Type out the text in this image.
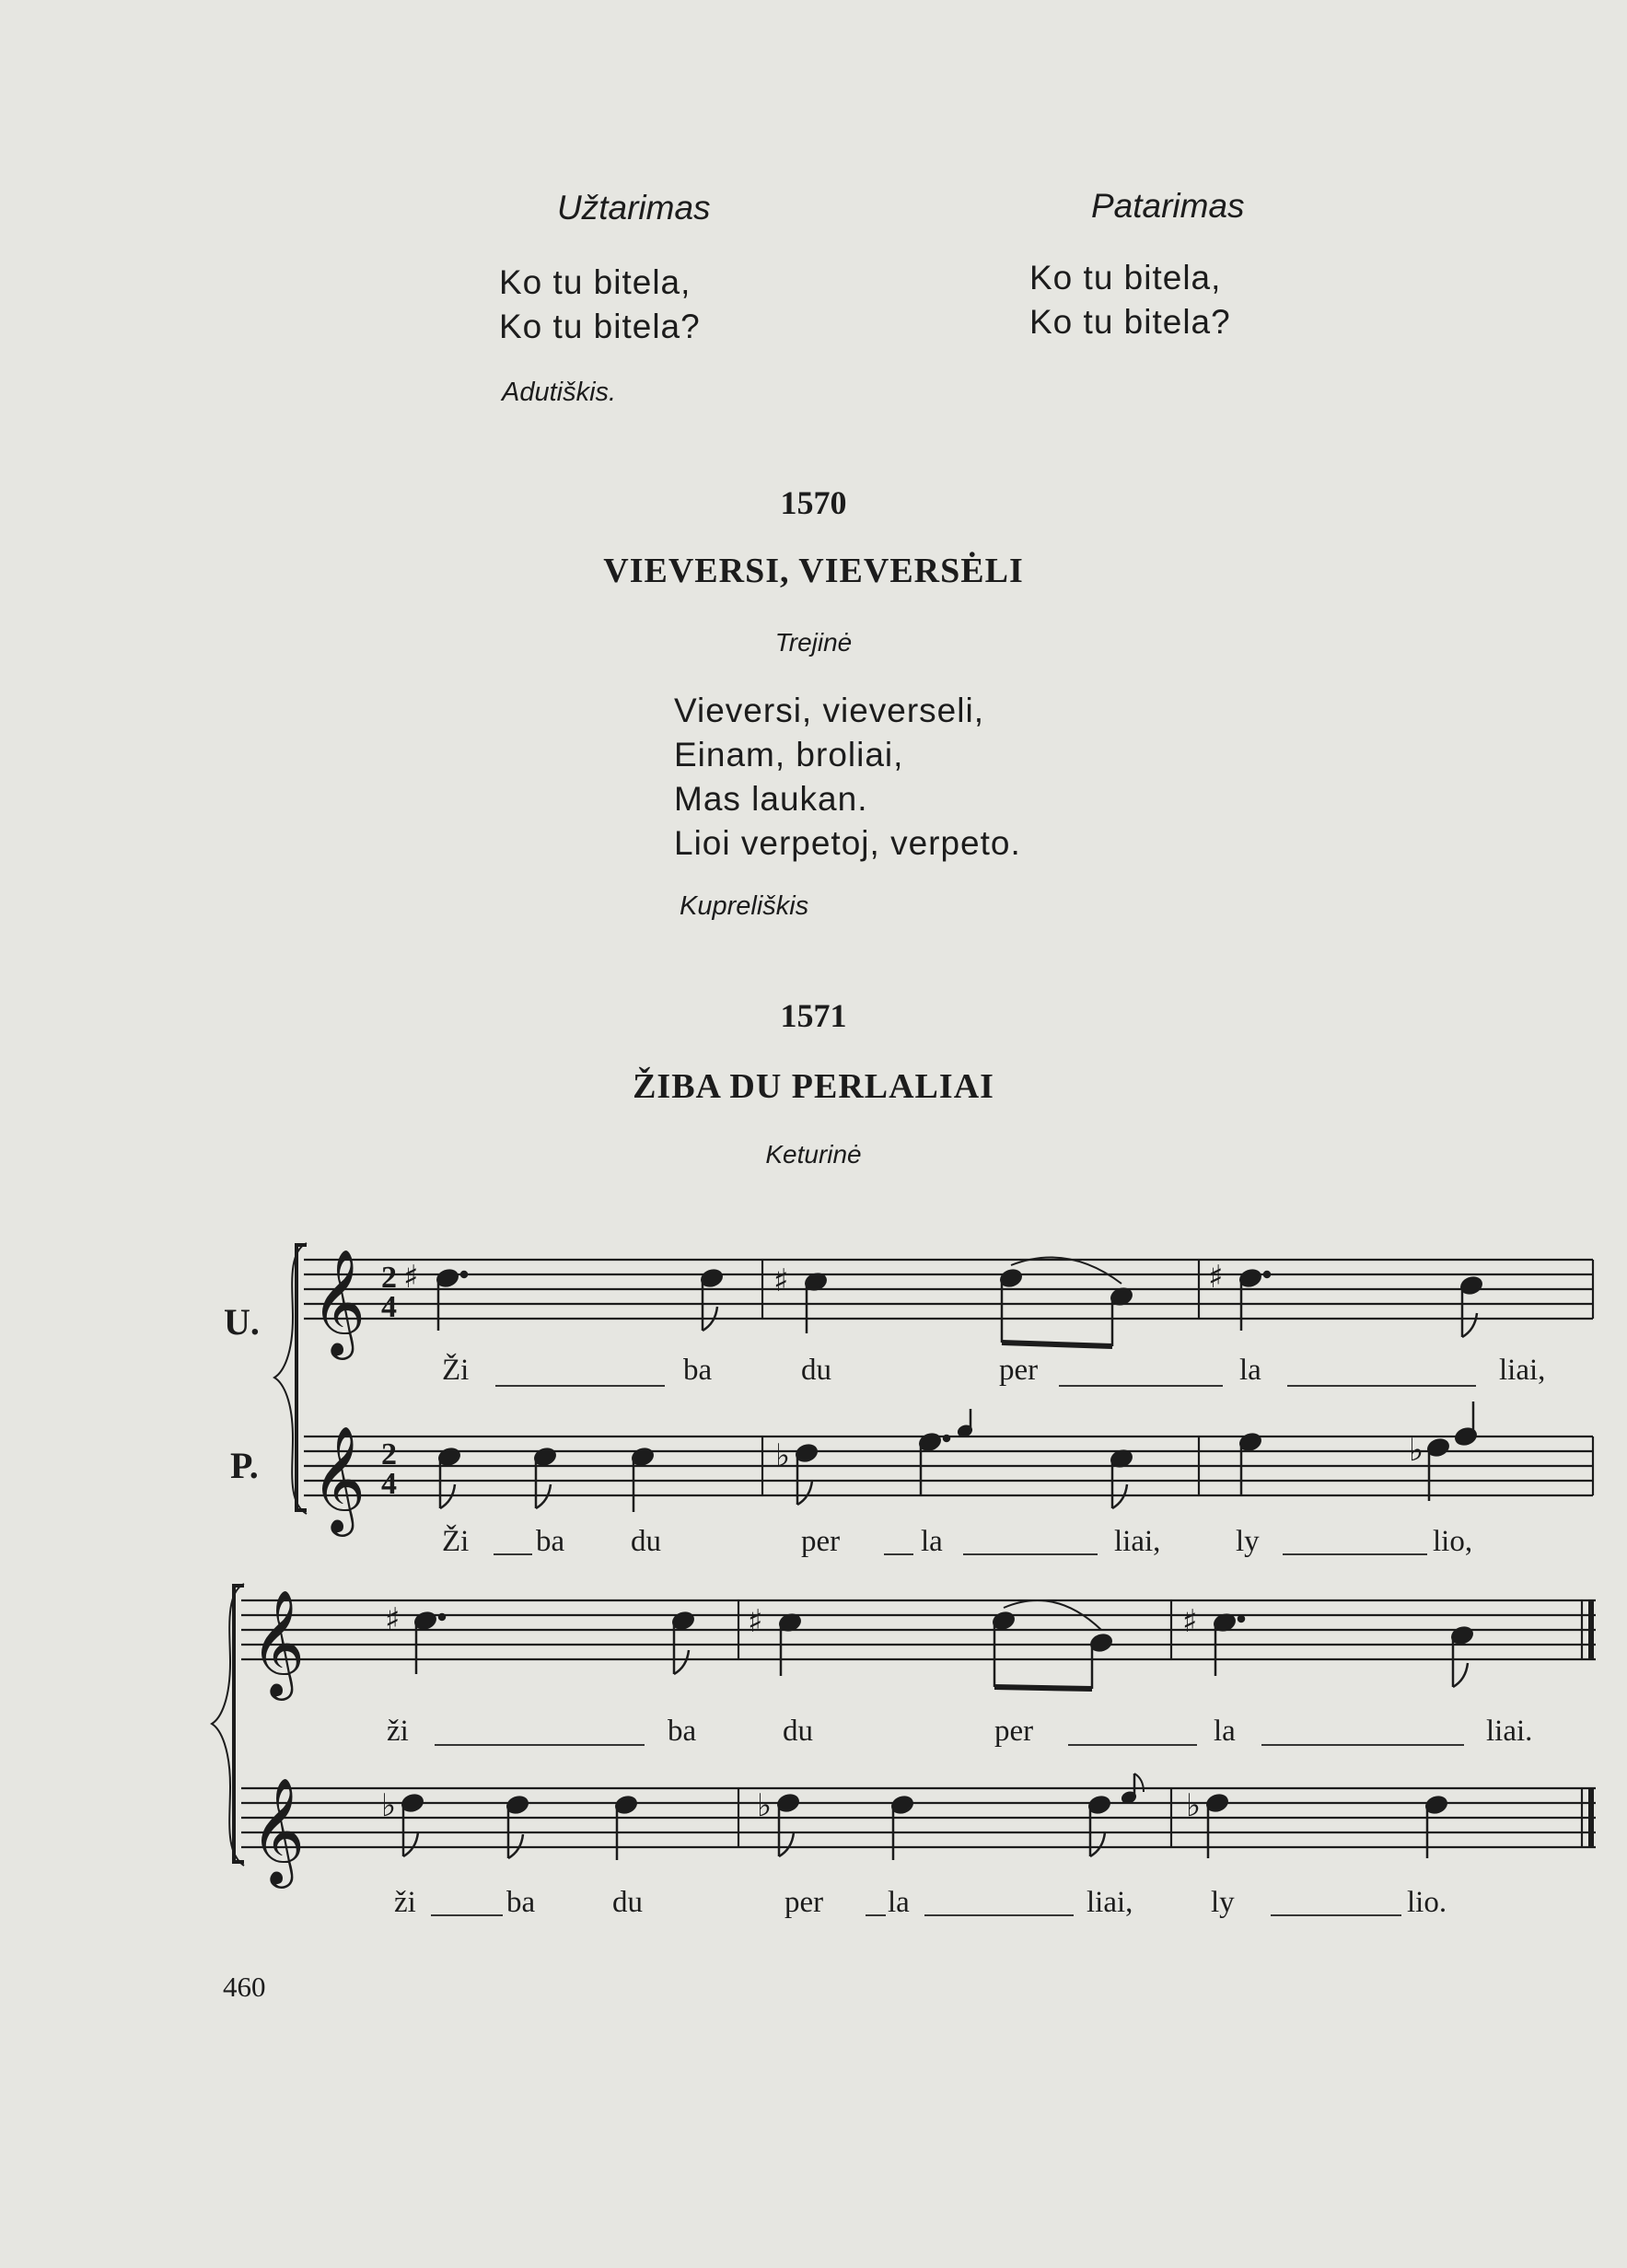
Užtarimas	Patarimas
Ko tu bitela,
Ko tu bitela?
Ko tu bitela,
Ko tu bitela?
Adutiškis.
1570
VIEVERSI, VIEVERSĖLI
Trejinė
Vieversi, vieverseli,
Einam, broliai,
Mas laukan.
Lioi verpetoj, verpeto.
Kupreliškis
1571
ŽIBA DU PERLALIAI
Keturinė
U.
P.
𝄞
𝄞
𝄞
𝄞
2
4
2
4
♯	♯	♯
♭	♭
♯	♯	♯
♭	♭	♭
Ži	ba	du	per	la	liai,
Ži ba du	per	la	liai, ly	lio,
ži	ba	du	per	la	liai.
ži	ba	du	per la	liai,	ly	lio.
460
